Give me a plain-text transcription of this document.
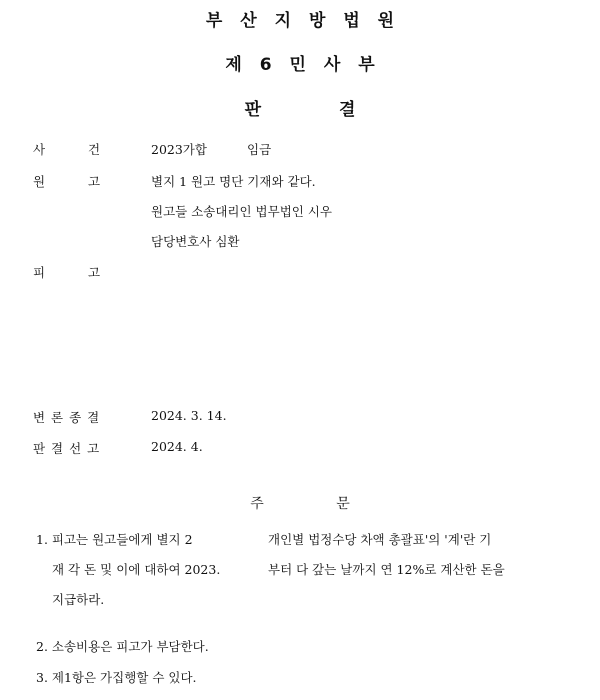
부 산 지 방 법 원
제 6 민 사 부
판	결
사	건	2023가합	임금
원	고	별지 1 원고 명단 기재와 같다.
원고들 소송대리인 법무법인 시우
담당변호사 심환
피	고
변 론 종 결	2024. 3. 14.
판 결 선 고	2024. 4.
주	문
1. 피고는 원고들에게 별지 2	개인별 법정수당 차액 총괄표'의 '계'란 기
재 각 돈 및 이에 대하여 2023.	부터 다 갚는 날까지 연 12%로 계산한 돈을
지급하라.
2. 소송비용은 피고가 부담한다.
3. 제1항은 가집행할 수 있다.
